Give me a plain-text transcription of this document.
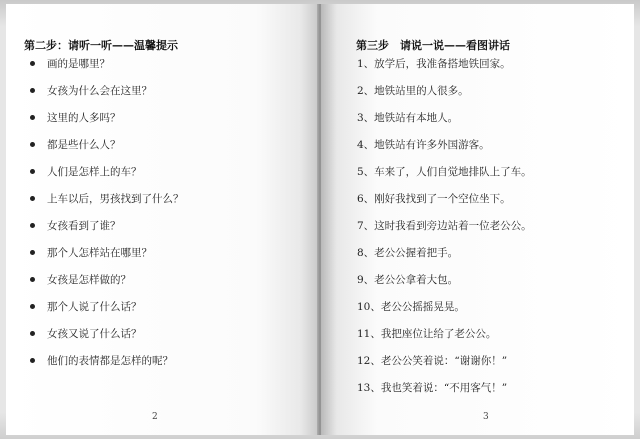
第二步：请听一听——温馨提示
画的是哪里？
女孩为什么会在这里？
这里的人多吗？
都是些什么人？
人们是怎样上的车？
上车以后，男孩找到了什么？
女孩看到了谁？
那个人怎样站在哪里？
女孩是怎样做的？
那个人说了什么话？
女孩又说了什么话？
他们的表情都是怎样的呢？
2
第三步　请说一说——看图讲话
1、放学后，我准备搭地铁回家。
2、地铁站里的人很多。
3、地铁站有本地人。
4、地铁站有许多外国游客。
5、车来了，人们自觉地排队上了车。
6、刚好我找到了一个空位坐下。
7、这时我看到旁边站着一位老公公。
8、老公公握着把手。
9、老公公拿着大包。
10、老公公摇摇晃晃。
11、我把座位让给了老公公。
12、老公公笑着说：“谢谢你！”
13、我也笑着说：“不用客气！”
3
